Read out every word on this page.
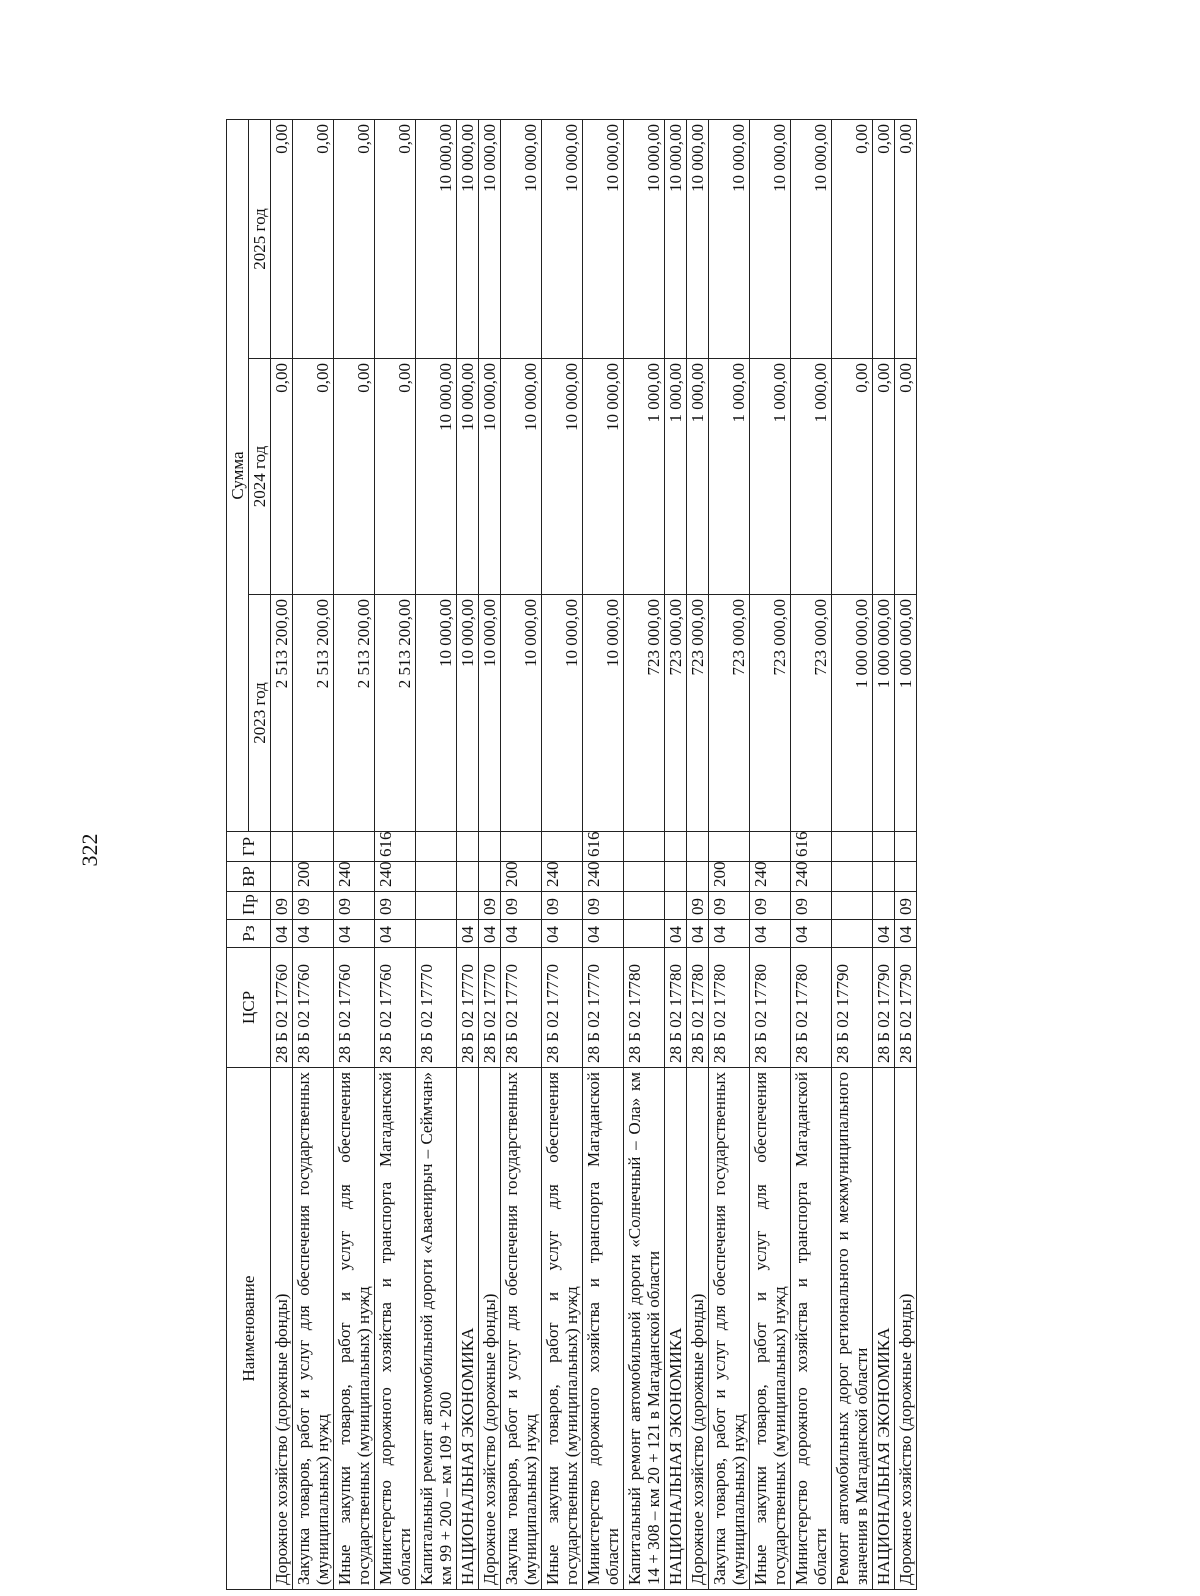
322
Наименование	ЦСР	Рз	Пр	ВР	ГР	Сумма		
						2023 год	2024 год	2025 год
Дорожное хозяйство (дорожные фонды)	28 Б 02 17760	04	09			2 513 200,00	0,00	0,00
Закупка товаров, работ и услуг для обеспечения государственных (муниципальных) нужд	28 Б 02 17760	04	09	200		2 513 200,00	0,00	0,00
Иные закупки товаров, работ и услуг для обеспечения государственных (муниципальных) нужд	28 Б 02 17760	04	09	240		2 513 200,00	0,00	0,00
Министерство дорожного хозяйства и транспорта Магаданской области	28 Б 02 17760	04	09	240	616	2 513 200,00	0,00	0,00
Капитальный ремонт автомобильной дороги «Аваенирыч – Сеймчан» км 99 + 200 – км 109 + 200	28 Б 02 17770					10 000,00	10 000,00	10 000,00
НАЦИОНАЛЬНАЯ ЭКОНОМИКА	28 Б 02 17770	04				10 000,00	10 000,00	10 000,00
Дорожное хозяйство (дорожные фонды)	28 Б 02 17770	04	09			10 000,00	10 000,00	10 000,00
Закупка товаров, работ и услуг для обеспечения государственных (муниципальных) нужд	28 Б 02 17770	04	09	200		10 000,00	10 000,00	10 000,00
Иные закупки товаров, работ и услуг для обеспечения государственных (муниципальных) нужд	28 Б 02 17770	04	09	240		10 000,00	10 000,00	10 000,00
Министерство дорожного хозяйства и транспорта Магаданской области	28 Б 02 17770	04	09	240	616	10 000,00	10 000,00	10 000,00
Капитальный ремонт автомобильной дороги «Солнечный – Ола» км 14 + 308 – км 20 + 121 в Магаданской области	28 Б 02 17780					723 000,00	1 000,00	10 000,00
НАЦИОНАЛЬНАЯ ЭКОНОМИКА	28 Б 02 17780	04				723 000,00	1 000,00	10 000,00
Дорожное хозяйство (дорожные фонды)	28 Б 02 17780	04	09			723 000,00	1 000,00	10 000,00
Закупка товаров, работ и услуг для обеспечения государственных (муниципальных) нужд	28 Б 02 17780	04	09	200		723 000,00	1 000,00	10 000,00
Иные закупки товаров, работ и услуг для обеспечения государственных (муниципальных) нужд	28 Б 02 17780	04	09	240		723 000,00	1 000,00	10 000,00
Министерство дорожного хозяйства и транспорта Магаданской области	28 Б 02 17780	04	09	240	616	723 000,00	1 000,00	10 000,00
Ремонт автомобильных дорог регионального и межмуниципального значения в Магаданской области	28 Б 02 17790					1 000 000,00	0,00	0,00
НАЦИОНАЛЬНАЯ ЭКОНОМИКА	28 Б 02 17790	04				1 000 000,00	0,00	0,00
Дорожное хозяйство (дорожные фонды)	28 Б 02 17790	04	09			1 000 000,00	0,00	0,00
